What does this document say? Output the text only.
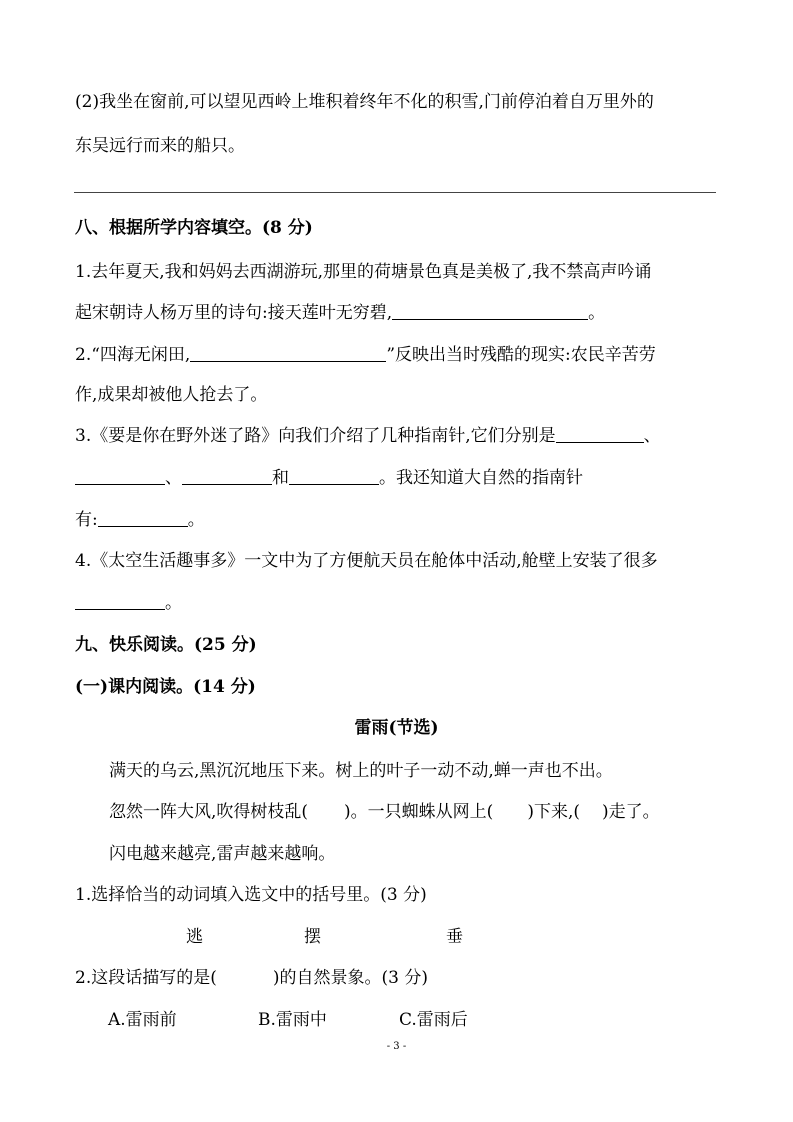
(2)我坐在窗前,可以望见西岭上堆积着终年不化的积雪,门前停泊着自万里外的
东吴远行而来的船只。
八、根据所学内容填空。(8 分)
1.去年夏天,我和妈妈去西湖游玩,那里的荷塘景色真是美极了,我不禁高声吟诵
起宋朝诗人杨万里的诗句:接天莲叶无穷碧,	。
2.“四海无闲田,	”反映出当时残酷的现实:农民辛苦劳
作,成果却被他人抢去了。
3.《要是你在野外迷了路》向我们介绍了几种指南针,它们分别是	、
、	和	。我还知道大自然的指南针
有:	。
4.《太空生活趣事多》一文中为了方便航天员在舱体中活动,舱壁上安装了很多
。
九、快乐阅读。(25 分)
(一)课内阅读。(14 分)
雷雨(节选)
满天的乌云,黑沉沉地压下来。树上的叶子一动不动,蝉一声也不出。
忽然一阵大风,吹得树枝乱( )。一只蜘蛛从网上( )下来,( )走了。
闪电越来越亮,雷声越来越响。
1.选择恰当的动词填入选文中的括号里。(3 分)
逃	摆	垂
2.这段话描写的是(	)的自然景象。(3 分)
A.雷雨前	B.雷雨中	C.雷雨后
- 3 -
